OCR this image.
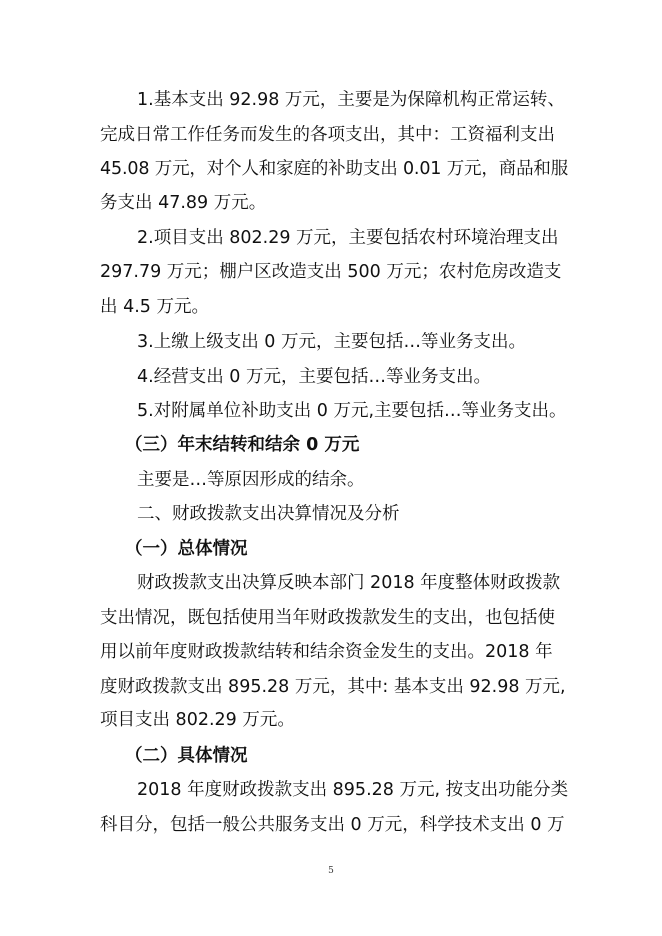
1.基本支出 92.98 万元，主要是为保障机构正常运转、
完成日常工作任务而发生的各项支出，其中：工资福利支出
45.08 万元，对个人和家庭的补助支出 0.01 万元，商品和服
务支出 47.89 万元。
2.项目支出 802.29 万元，主要包括农村环境治理支出
297.79 万元；棚户区改造支出 500 万元；农村危房改造支
出 4.5 万元。
3.上缴上级支出 0 万元，主要包括…等业务支出。
4.经营支出 0 万元，主要包括…等业务支出。
5.对附属单位补助支出 0 万元,主要包括…等业务支出。
（三）年末结转和结余 0 万元
主要是…等原因形成的结余。
二、财政拨款支出决算情况及分析
（一）总体情况
财政拨款支出决算反映本部门 2018 年度整体财政拨款
支出情况，既包括使用当年财政拨款发生的支出，也包括使
用以前年度财政拨款结转和结余资金发生的支出。2018 年
度财政拨款支出 895.28 万元，其中: 基本支出 92.98 万元,
项目支出 802.29 万元。
（二）具体情况
2018 年度财政拨款支出 895.28 万元, 按支出功能分类
科目分，包括一般公共服务支出 0 万元，科学技术支出 0 万
5
